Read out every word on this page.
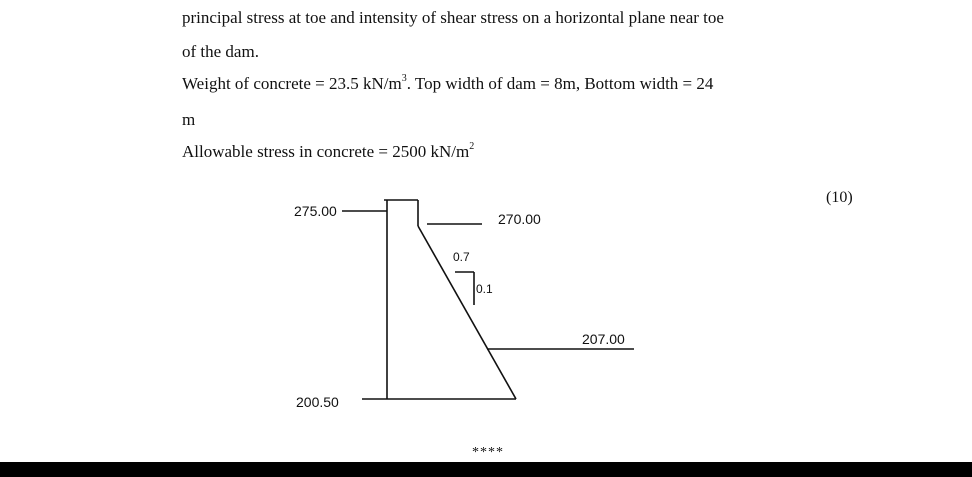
principal stress at toe and intensity of shear stress on a horizontal plane near toe
of the dam.
Weight of concrete = 23.5 $kN/m^3$. Top width of dam = 8m, Bottom width = 24
m
Allowable stress in concrete = 2500 $kN/m^2$
(10)
275.00	270.00
0.7
0.1
207.00
200.50
****
